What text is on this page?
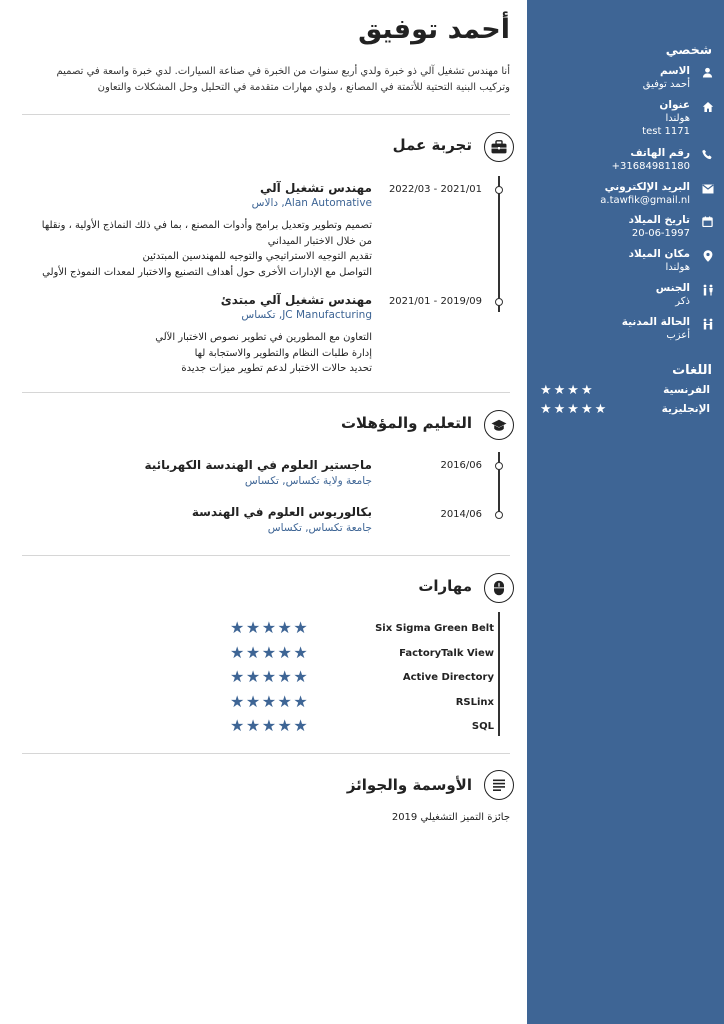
شخصي
الاسم
أحمد توفيق
عنوان
هولندا
test 1171
رقم الهاتف
+31684981180
البريد الإلكتروني
a.tawfik@gmail.nl
تاريخ الميلاد
20-06-1997
مكان الميلاد
هولندا
الجنس
ذكر
الحالة المدنية
أعزب
اللغات
الفرنسية
★★★★
الإنجليزية
★★★★★
أحمد توفيق
أنا مهندس تشغيل آلي ذو خبرة ولدي أربع سنوات من الخبرة في صناعة السيارات. لدي خبرة واسعة في تصميم
وتركيب البنية التحتية للأتمتة في المصانع ، ولدي مهارات متقدمة في التحليل وحل المشكلات والتعاون
تجربة عمل
2022/03 - 2021/01
مهندس تشغيل آلي
Alan Automative, دالاس
تصميم وتطوير وتعديل برامج وأدوات المصنع ، بما في ذلك النماذج الأولية ، ونقلها
من خلال الاختبار الميداني
تقديم التوجيه الاستراتيجي والتوجيه للمهندسين المبتدئين
التواصل مع الإدارات الأخرى حول أهداف التصنيع والاختبار لمعدات النموذج الأولي
2021/01 - 2019/09
مهندس تشغيل آلي مبتدئ
JC Manufacturing, تكساس
التعاون مع المطورين في تطوير نصوص الاختبار الآلي
إدارة طلبات النظام والتطوير والاستجابة لها
تحديد حالات الاختبار لدعم تطوير ميزات جديدة
التعليم والمؤهلات
2016/06
ماجستير العلوم في الهندسة الكهربائية
جامعة ولاية تكساس, تكساس
2014/06
بكالوريوس العلوم في الهندسة
جامعة تكساس, تكساس
مهارات
Six Sigma Green Belt
★★★★★
FactoryTalk View
★★★★★
Active Directory
★★★★★
RSLinx
★★★★★
SQL
★★★★★
الأوسمة والجوائز
جائزة التميز التشغيلي 2019
